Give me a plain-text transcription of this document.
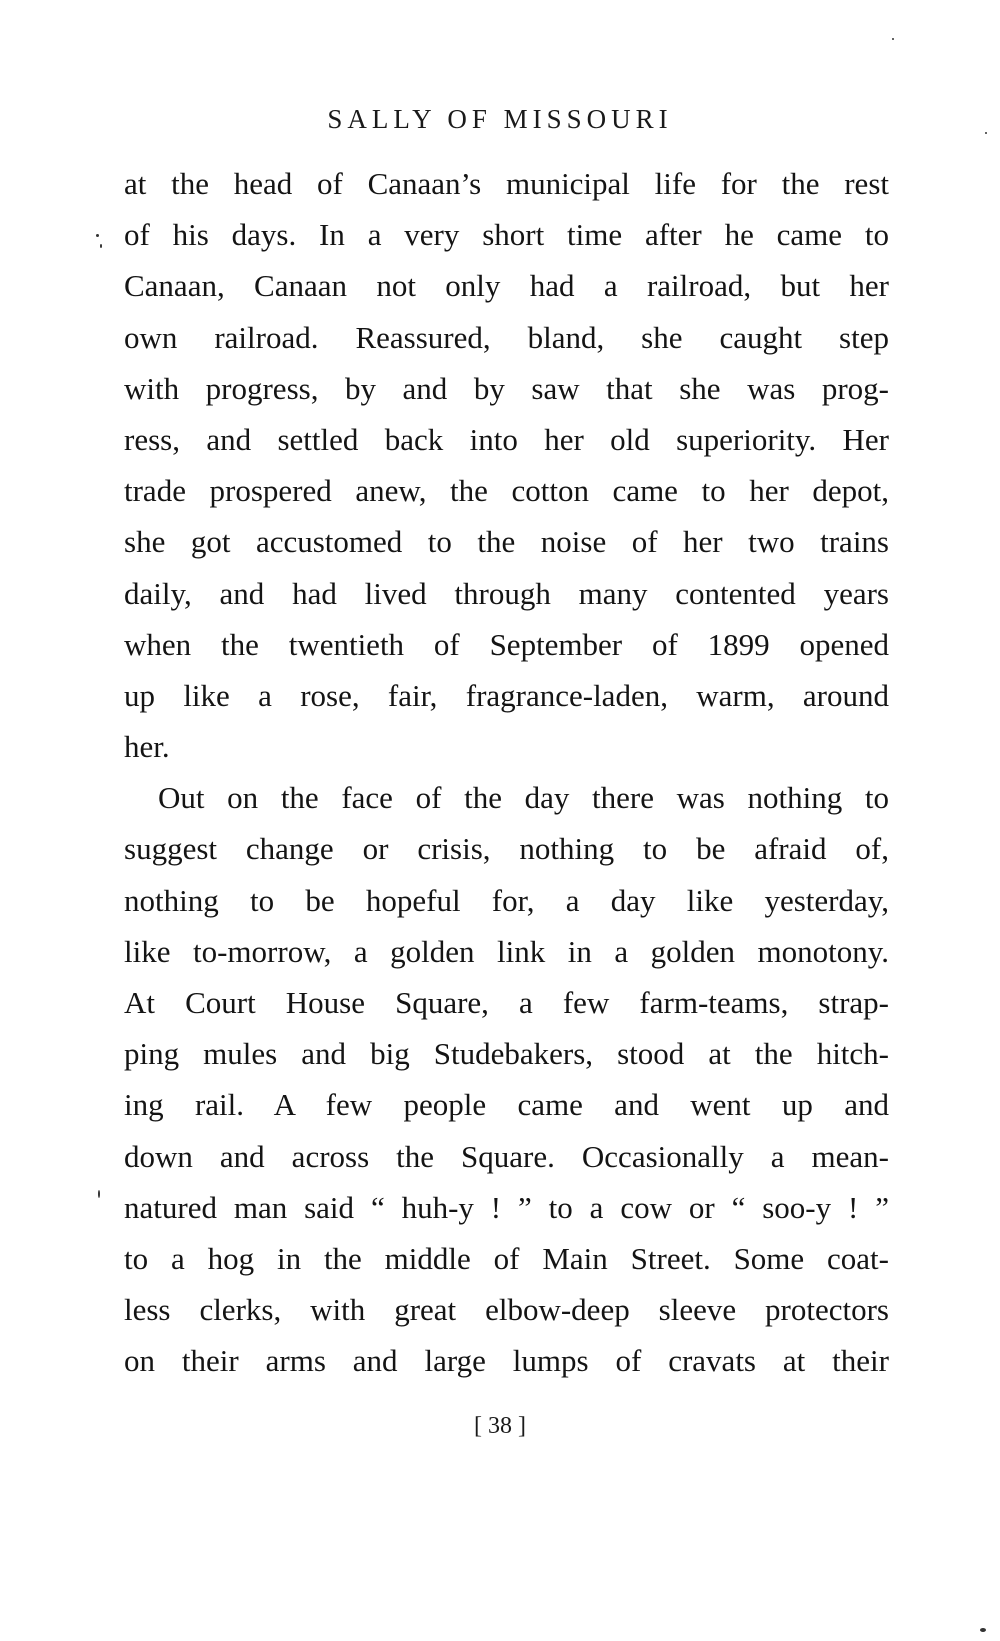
SALLY OF MISSOURI
at the head of Canaan’s municipal life for the rest
of his days. In a very short time after he came to
Canaan, Canaan not only had a railroad, but her
own railroad. Reassured, bland, she caught step
with progress, by and by saw that she was prog-
ress, and settled back into her old superiority. Her
trade prospered anew, the cotton came to her depot,
she got accustomed to the noise of her two trains
daily, and had lived through many contented years
when the twentieth of September of 1899 opened
up like a rose, fair, fragrance-laden, warm, around
her.
Out on the face of the day there was nothing to
suggest change or crisis, nothing to be afraid of,
nothing to be hopeful for, a day like yesterday,
like to-morrow, a golden link in a golden monotony.
At Court House Square, a few farm-teams, strap-
ping mules and big Studebakers, stood at the hitch-
ing rail. A few people came and went up and
down and across the Square. Occasionally a mean-
natured man said “ huh-y ! ” to a cow or “ soo-y ! ”
to a hog in the middle of Main Street. Some coat-
less clerks, with great elbow-deep sleeve protectors
on their arms and large lumps of cravats at their
[ 38 ]
